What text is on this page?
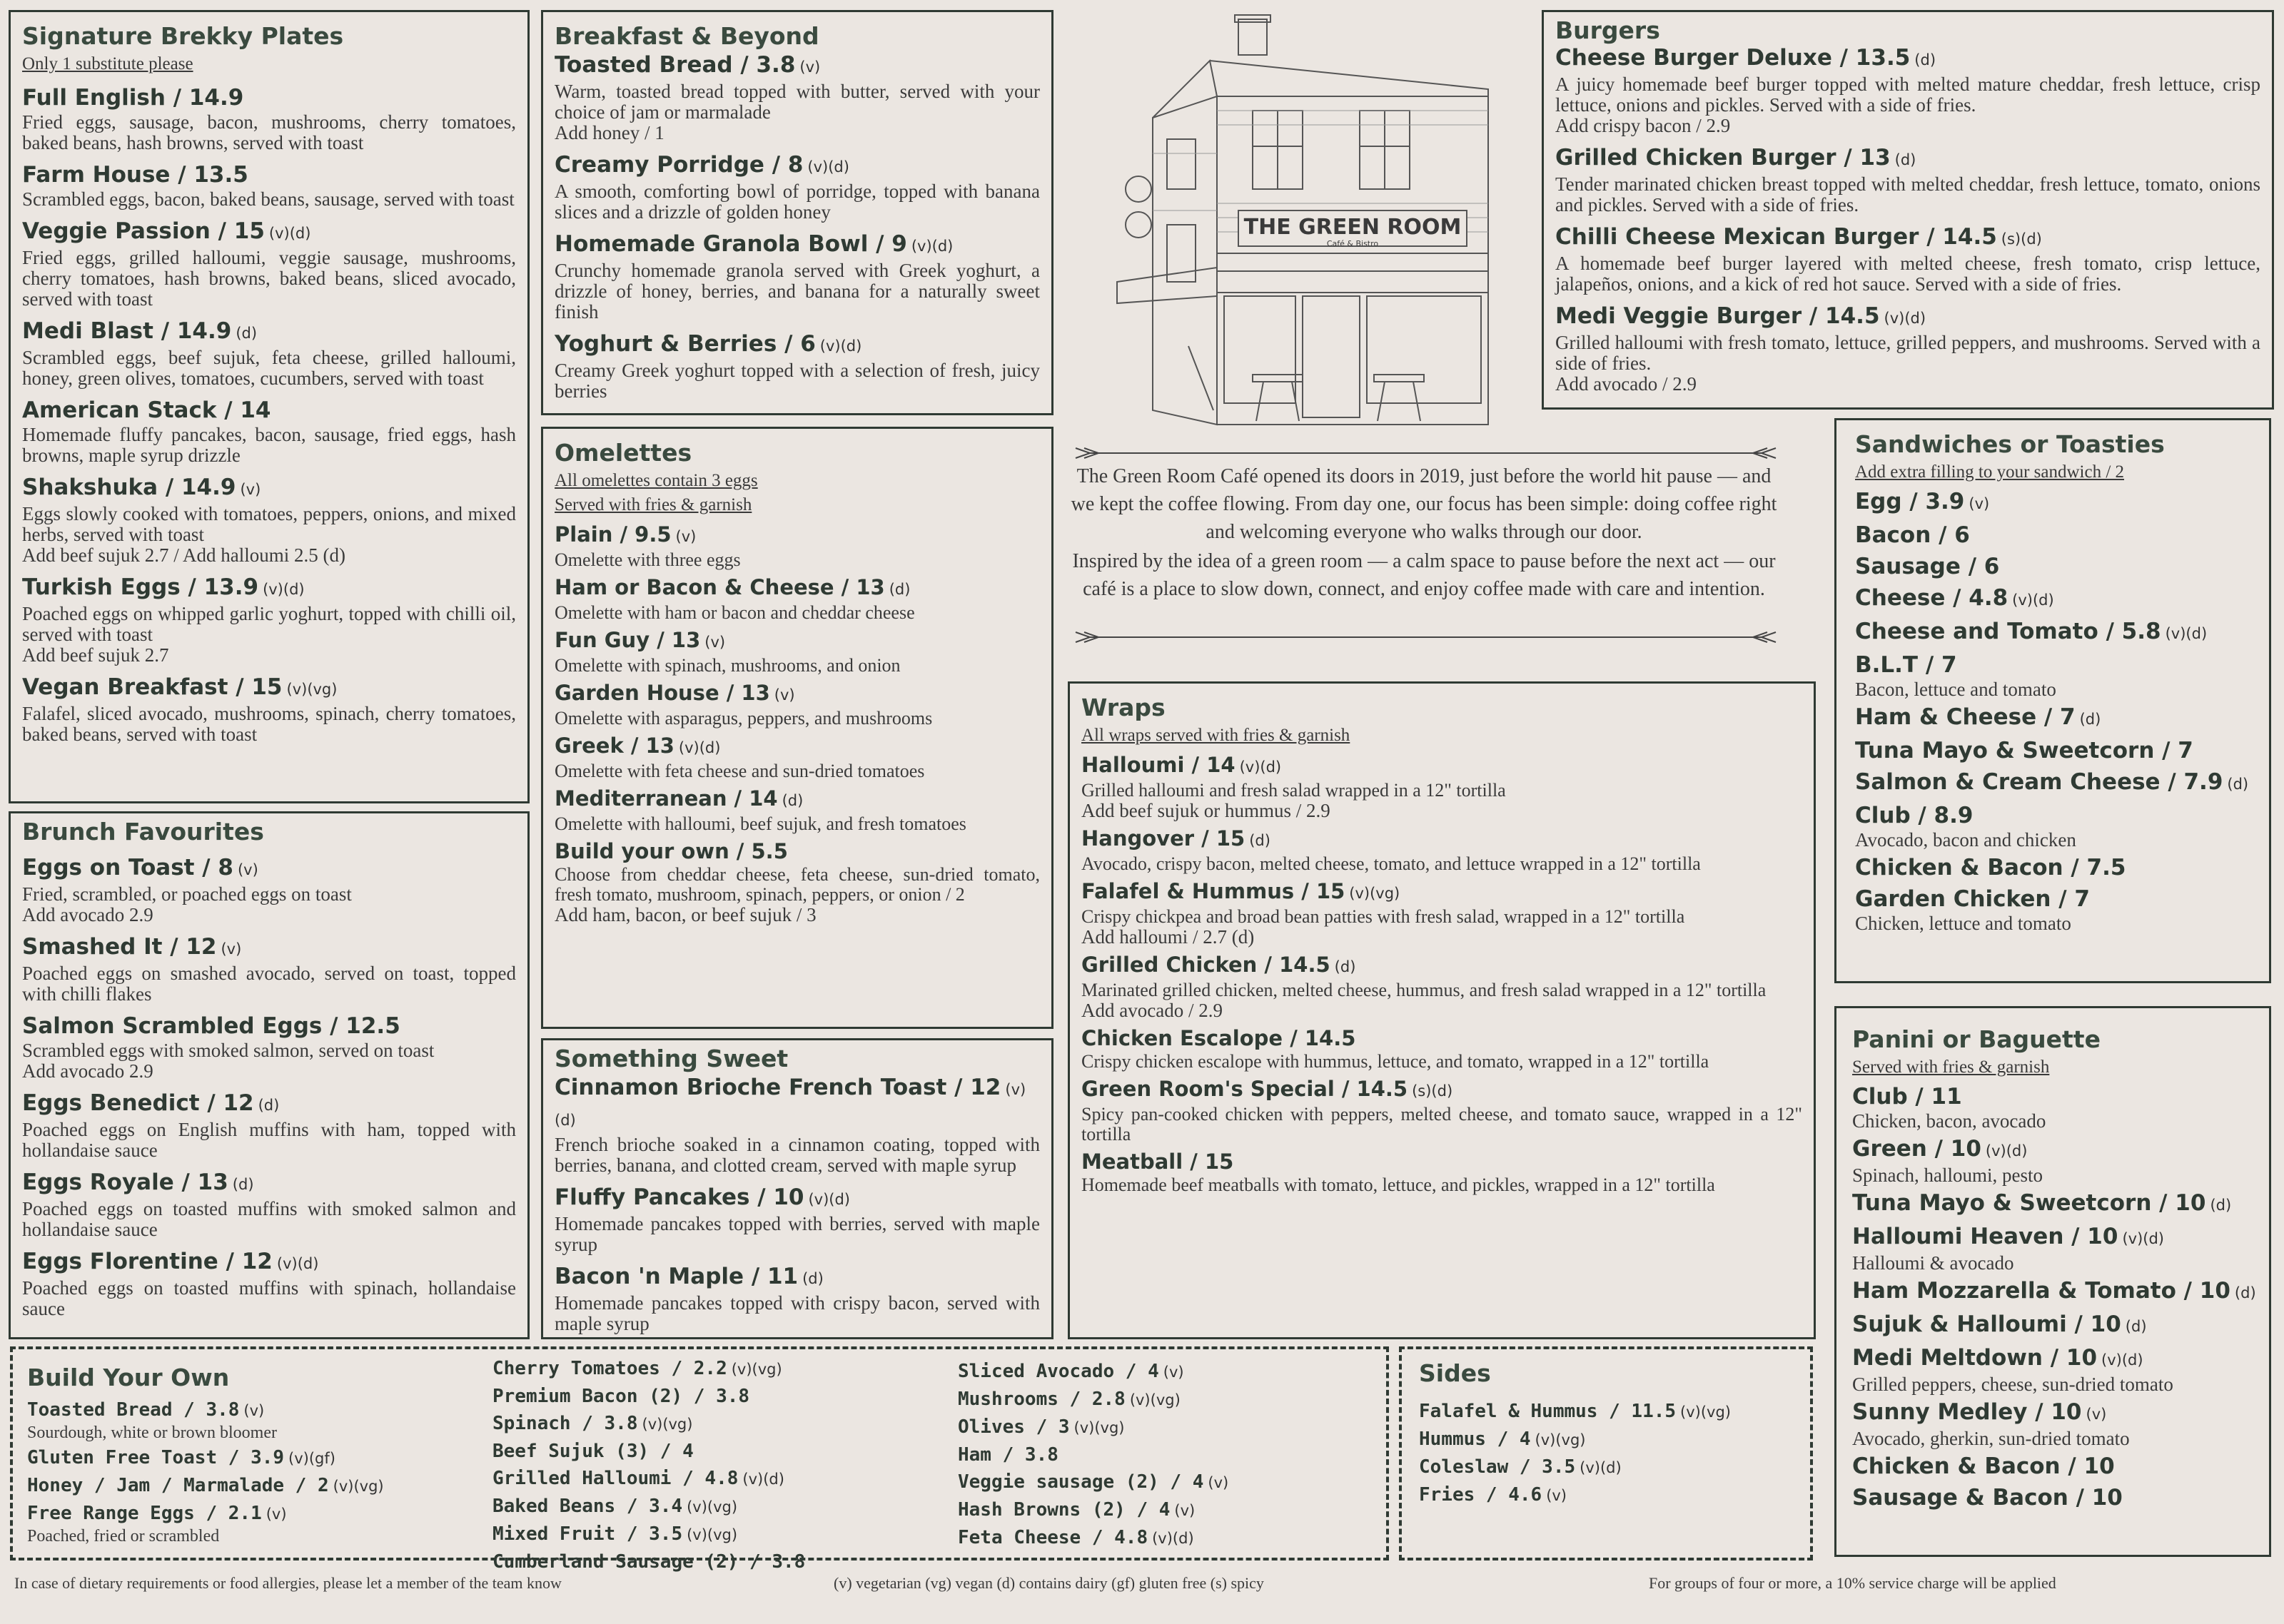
Signature Brekky Plates
Only 1 substitute please
Full English / 14.9
Fried eggs, sausage, bacon, mushrooms, cherry tomatoes, baked beans, hash browns, served with toast
Farm House / 13.5
Scrambled eggs, bacon, baked beans, sausage, served with toast
Veggie Passion / 15 (v)(d)
Fried eggs, grilled halloumi, veggie sausage, mushrooms, cherry tomatoes, hash browns, baked beans, sliced avocado, served with toast
Medi Blast / 14.9 (d)
Scrambled eggs, beef sujuk, feta cheese, grilled halloumi, honey, green olives, tomatoes, cucumbers, served with toast
American Stack / 14
Homemade fluffy pancakes, bacon, sausage, fried eggs, hash browns, maple syrup drizzle
Shakshuka / 14.9 (v)
Eggs slowly cooked with tomatoes, peppers, onions, and mixed herbs, served with toast
Add beef sujuk 2.7 / Add halloumi 2.5 (d)
Turkish Eggs / 13.9 (v)(d)
Poached eggs on whipped garlic yoghurt, topped with chilli oil, served with toast
Add beef sujuk 2.7
Vegan Breakfast / 15 (v)(vg)
Falafel, sliced avocado, mushrooms, spinach, cherry tomatoes, baked beans, served with toast
Brunch Favourites
Eggs on Toast / 8 (v)
Fried, scrambled, or poached eggs on toast
Add avocado 2.9
Smashed It / 12 (v)
Poached eggs on smashed avocado, served on toast, topped with chilli flakes
Salmon Scrambled Eggs / 12.5
Scrambled eggs with smoked salmon, served on toast
Add avocado 2.9
Eggs Benedict / 12 (d)
Poached eggs on English muffins with ham, topped with hollandaise sauce
Eggs Royale / 13 (d)
Poached eggs on toasted muffins with smoked salmon and hollandaise sauce
Eggs Florentine / 12 (v)(d)
Poached eggs on toasted muffins with spinach, hollandaise sauce
Breakfast & Beyond
Toasted Bread / 3.8 (v)
Warm, toasted bread topped with butter, served with your choice of jam or marmalade
Add honey / 1
Creamy Porridge / 8 (v)(d)
A smooth, comforting bowl of porridge, topped with banana slices and a drizzle of golden honey
Homemade Granola Bowl / 9 (v)(d)
Crunchy homemade granola served with Greek yoghurt, a drizzle of honey, berries, and banana for a naturally sweet finish
Yoghurt & Berries / 6 (v)(d)
Creamy Greek yoghurt topped with a selection of fresh, juicy berries
Omelettes
All omelettes contain 3 eggs
Served with fries & garnish
Plain / 9.5 (v)
Omelette with three eggs
Ham or Bacon & Cheese / 13 (d)
Omelette with ham or bacon and cheddar cheese
Fun Guy / 13 (v)
Omelette with spinach, mushrooms, and onion
Garden House / 13 (v)
Omelette with asparagus, peppers, and mushrooms
Greek / 13 (v)(d)
Omelette with feta cheese and sun-dried tomatoes
Mediterranean / 14 (d)
Omelette with halloumi, beef sujuk, and fresh tomatoes
Build your own / 5.5
Choose from cheddar cheese, feta cheese, sun-dried tomato, fresh tomato, mushroom, spinach, peppers, or onion / 2
Add ham, bacon, or beef sujuk / 3
Something Sweet
Cinnamon Brioche French Toast / 12 (v)(d)
French brioche soaked in a cinnamon coating, topped with berries, banana, and clotted cream, served with maple syrup
Fluffy Pancakes / 10 (v)(d)
Homemade pancakes topped with berries, served with maple syrup
Bacon 'n Maple / 11 (d)
Homemade pancakes topped with crispy bacon, served with maple syrup
THE GREEN ROOM
Café & Bistro

The Green Room Café opened its doors in 2019, just before the world hit pause — and we kept the coffee flowing. From day one, our focus has been simple: doing coffee right and welcoming everyone who walks through our door.

Inspired by the idea of a green room — a calm space to pause before the next act — our café is a place to slow down, connect, and enjoy coffee made with care and intention.

Wraps
All wraps served with fries & garnish
Halloumi / 14 (v)(d)
Grilled halloumi and fresh salad wrapped in a 12" tortilla
Add beef sujuk or hummus / 2.9
Hangover / 15 (d)
Avocado, crispy bacon, melted cheese, tomato, and lettuce wrapped in a 12" tortilla
Falafel & Hummus / 15 (v)(vg)
Crispy chickpea and broad bean patties with fresh salad, wrapped in a 12" tortilla
Add halloumi / 2.7 (d)
Grilled Chicken / 14.5 (d)
Marinated grilled chicken, melted cheese, hummus, and fresh salad wrapped in a 12" tortilla
Add avocado / 2.9
Chicken Escalope / 14.5
Crispy chicken escalope with hummus, lettuce, and tomato, wrapped in a 12" tortilla
Green Room's Special / 14.5 (s)(d)
Spicy pan-cooked chicken with peppers, melted cheese, and tomato sauce, wrapped in a 12" tortilla
Meatball / 15
Homemade beef meatballs with tomato, lettuce, and pickles, wrapped in a 12" tortilla
Burgers
Cheese Burger Deluxe / 13.5 (d)
A juicy homemade beef burger topped with melted mature cheddar, fresh lettuce, crisp lettuce, onions and pickles. Served with a side of fries.
Add crispy bacon / 2.9
Grilled Chicken Burger / 13 (d)
Tender marinated chicken breast topped with melted cheddar, fresh lettuce, tomato, onions and pickles. Served with a side of fries.
Chilli Cheese Mexican Burger / 14.5 (s)(d)
A homemade beef burger layered with melted cheese, fresh tomato, crisp lettuce, jalapeños, onions, and a kick of red hot sauce. Served with a side of fries.
Medi Veggie Burger / 14.5 (v)(d)
Grilled halloumi with fresh tomato, lettuce, grilled peppers, and mushrooms. Served with a side of fries.
Add avocado / 2.9
Sandwiches or Toasties
Add extra filling to your sandwich / 2
Egg / 3.9 (v)
Bacon / 6
Sausage / 6
Cheese / 4.8 (v)(d)
Cheese and Tomato / 5.8 (v)(d)
B.L.T / 7
Bacon, lettuce and tomato
Ham & Cheese / 7 (d)
Tuna Mayo & Sweetcorn / 7
Salmon & Cream Cheese / 7.9 (d)
Club / 8.9
Avocado, bacon and chicken
Chicken & Bacon / 7.5
Garden Chicken / 7
Chicken, lettuce and tomato
Panini or Baguette
Served with fries & garnish
Club / 11
Chicken, bacon, avocado
Green / 10 (v)(d)
Spinach, halloumi, pesto
Tuna Mayo & Sweetcorn / 10 (d)
Halloumi Heaven / 10 (v)(d)
Halloumi & avocado
Ham Mozzarella & Tomato / 10 (d)
Sujuk & Halloumi / 10 (d)
Medi Meltdown / 10 (v)(d)
Grilled peppers, cheese, sun-dried tomato
Sunny Medley / 10 (v)
Avocado, gherkin, sun-dried tomato
Chicken & Bacon / 10
Sausage & Bacon / 10
Build Your Own
Toasted Bread / 3.8 (v)
Sourdough, white or brown bloomer
Gluten Free Toast / 3.9 (v)(gf)
Honey / Jam / Marmalade / 2 (v)(vg)
Free Range Eggs / 2.1 (v)
Poached, fried or scrambled
Cherry Tomatoes / 2.2 (v)(vg)
Premium Bacon (2) / 3.8
Spinach / 3.8 (v)(vg)
Beef Sujuk (3) / 4
Grilled Halloumi / 4.8 (v)(d)
Baked Beans / 3.4 (v)(vg)
Mixed Fruit / 3.5 (v)(vg)
Cumberland Sausage (2) / 3.8
Sliced Avocado / 4 (v)
Mushrooms / 2.8 (v)(vg)
Olives / 3 (v)(vg)
Ham / 3.8
Veggie sausage (2) / 4 (v)
Hash Browns (2) / 4 (v)
Feta Cheese / 4.8 (v)(d)
Sides
Falafel & Hummus / 11.5 (v)(vg)
Hummus / 4 (v)(vg)
Coleslaw / 3.5 (v)(d)
Fries / 4.6 (v)
In case of dietary requirements or food allergies, please let a member of the team know	(v) vegetarian (vg) vegan (d) contains dairy (gf) gluten free (s) spicy	For groups of four or more, a 10% service charge will be applied
